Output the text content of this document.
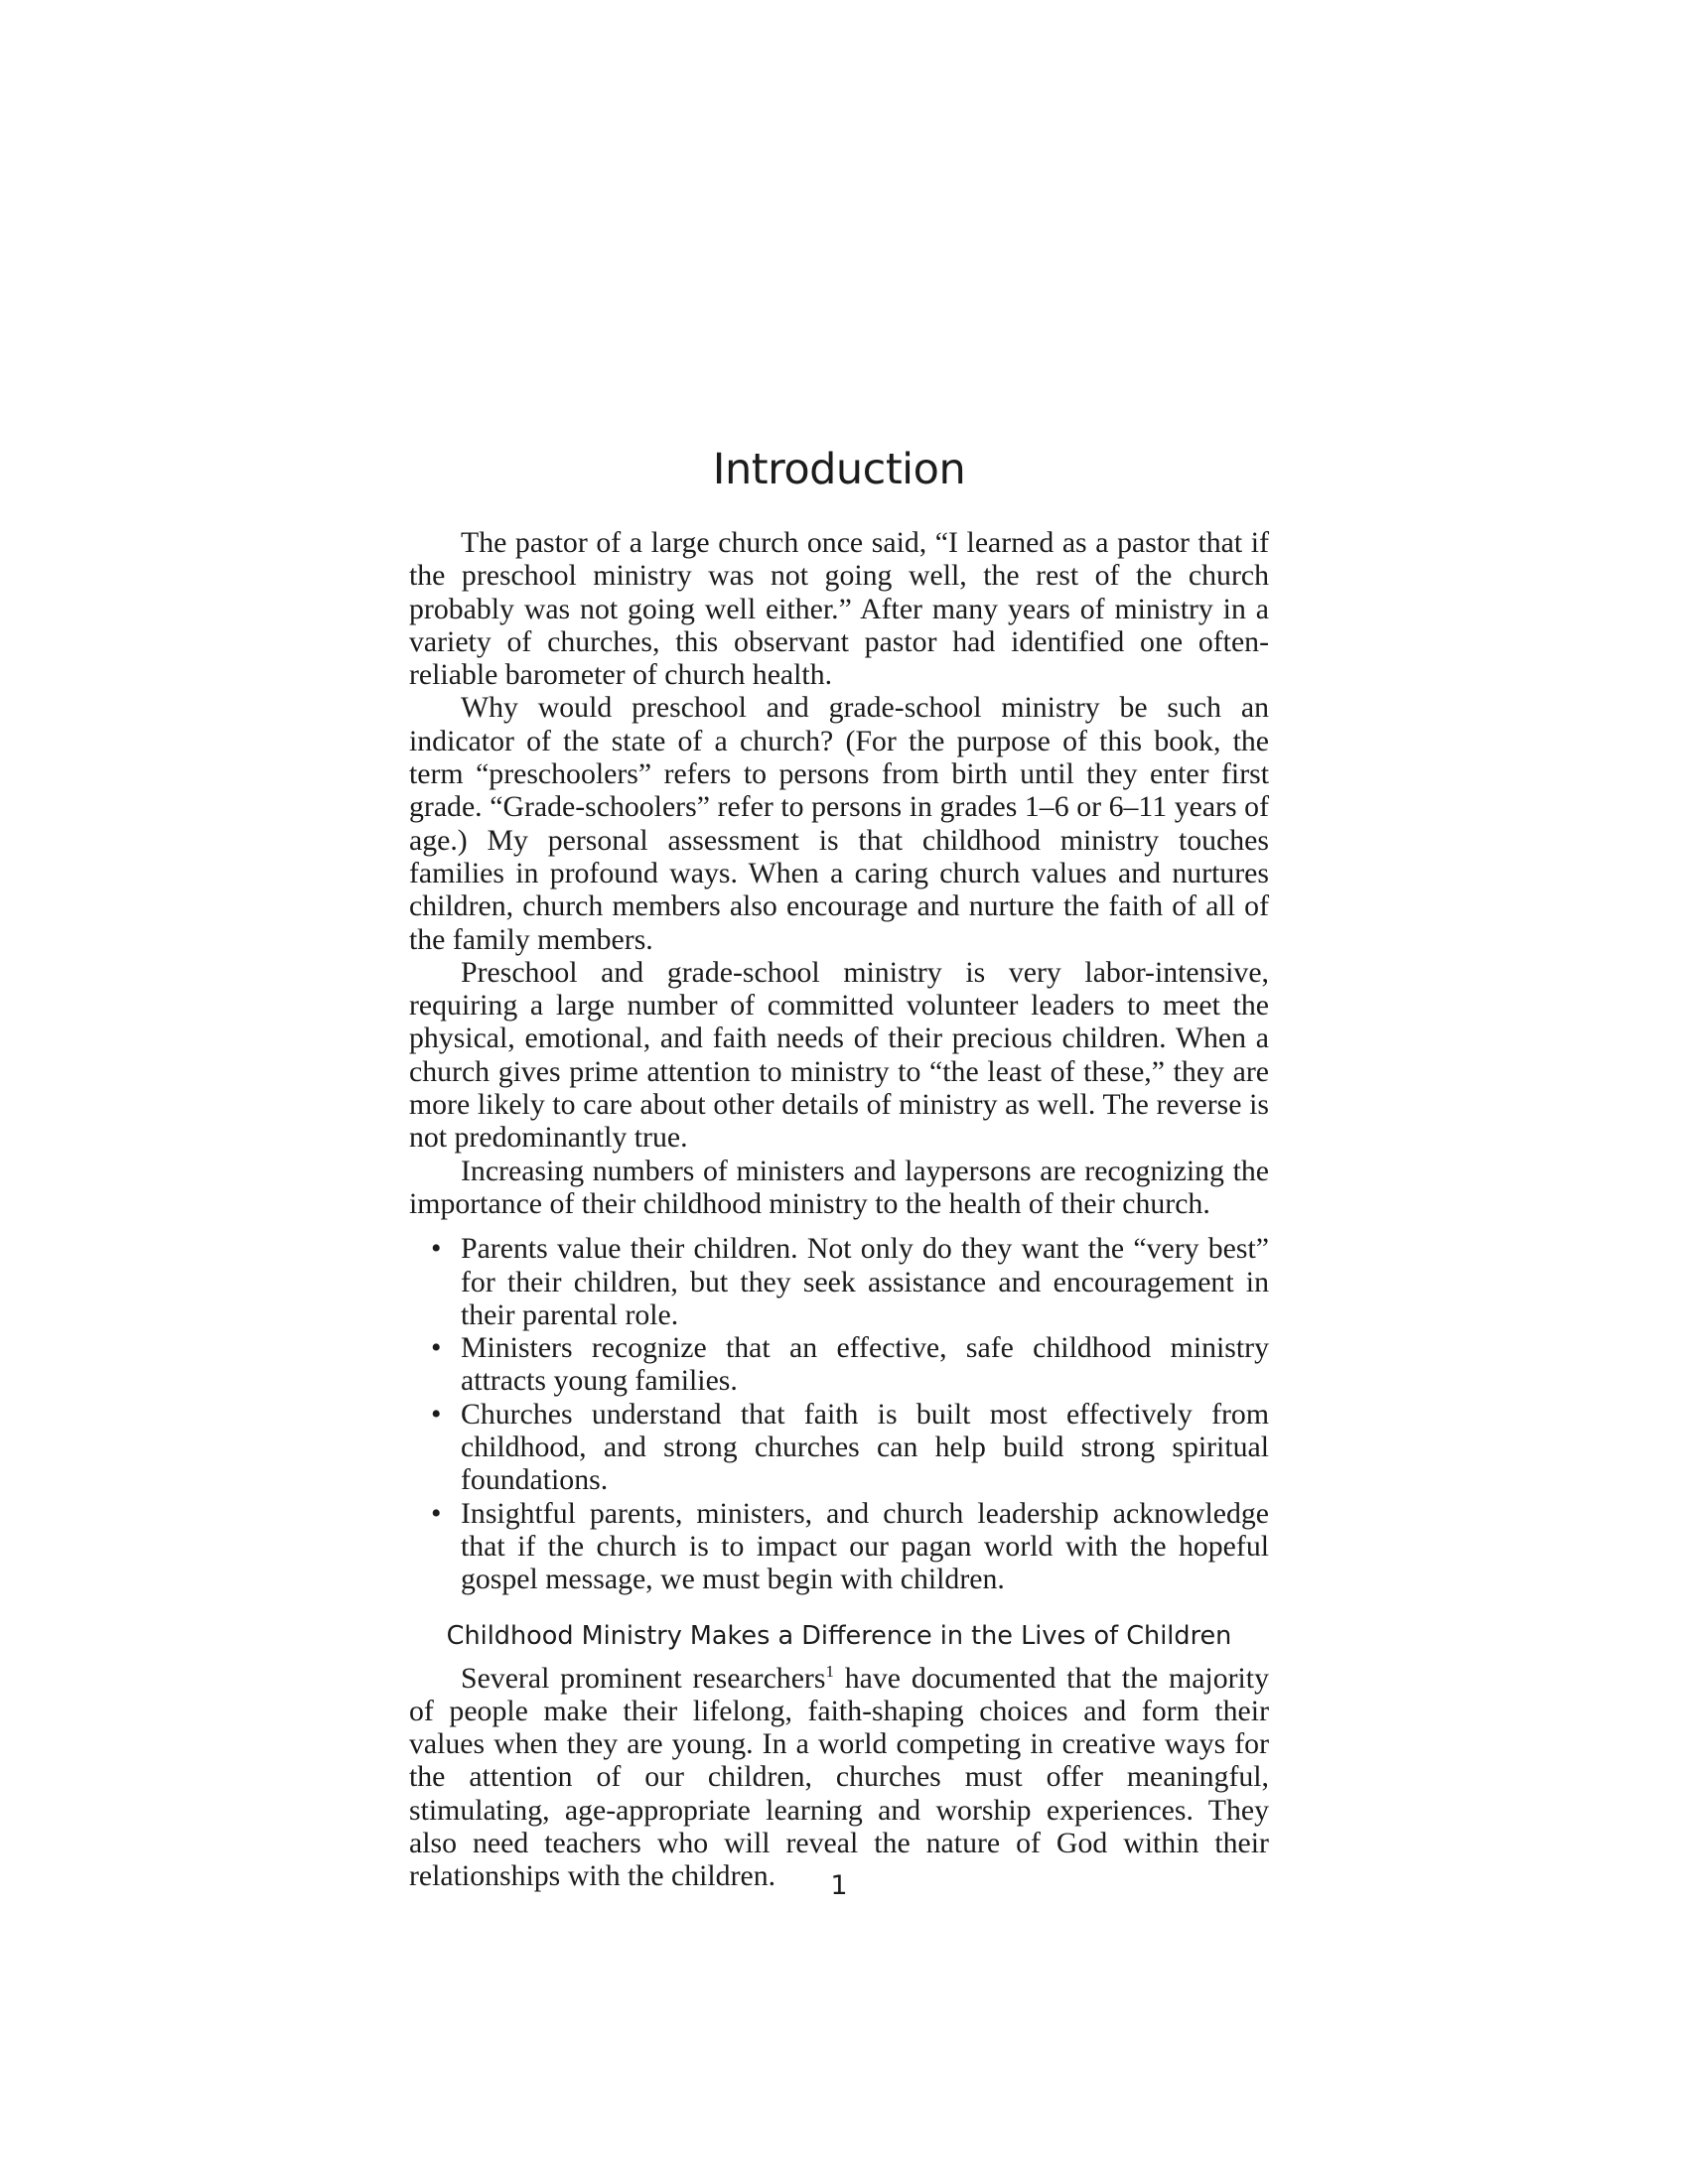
Introduction

The pastor of a large church once said, “I learned as a pastor that if the preschool ministry was not going well, the rest of the church probably was not going well either.” After many years of ministry in a variety of churches, this observant pastor had identified one often-reliable barometer of church health.

Why would preschool and grade-school ministry be such an indicator of the state of a church? (For the purpose of this book, the term “preschoolers” refers to persons from birth until they enter first grade. “Grade-schoolers” refer to persons in grades 1–6 or 6–11 years of age.) My personal assessment is that childhood ministry touches families in profound ways. When a caring church values and nurtures children, church members also encourage and nurture the faith of all of the family members.

Preschool and grade-school ministry is very labor-intensive, requiring a large number of committed volunteer leaders to meet the physical, emotional, and faith needs of their precious children. When a church gives prime attention to ministry to “the least of these,” they are more likely to care about other details of ministry as well. The reverse is not predominantly true.

Increasing numbers of ministers and laypersons are recognizing the importance of their childhood ministry to the health of their church.

• Parents value their children. Not only do they want the “very best” for their children, but they seek assistance and encouragement in their parental role.
• Ministers recognize that an effective, safe childhood ministry attracts young families.
• Churches understand that faith is built most effectively from childhood, and strong churches can help build strong spiritual foundations.
• Insightful parents, ministers, and church leadership acknowledge that if the church is to impact our pagan world with the hopeful gospel message, we must begin with children.
Childhood Ministry Makes a Difference in the Lives of Children

Several prominent researchers$^1$ have documented that the majority of people make their lifelong, faith-shaping choices and form their values when they are young. In a world competing in creative ways for the attention of our children, churches must offer meaningful, stimulating, age-appropriate learning and worship experiences. They also need teachers who will reveal the nature of God within their relationships with the children.	1
